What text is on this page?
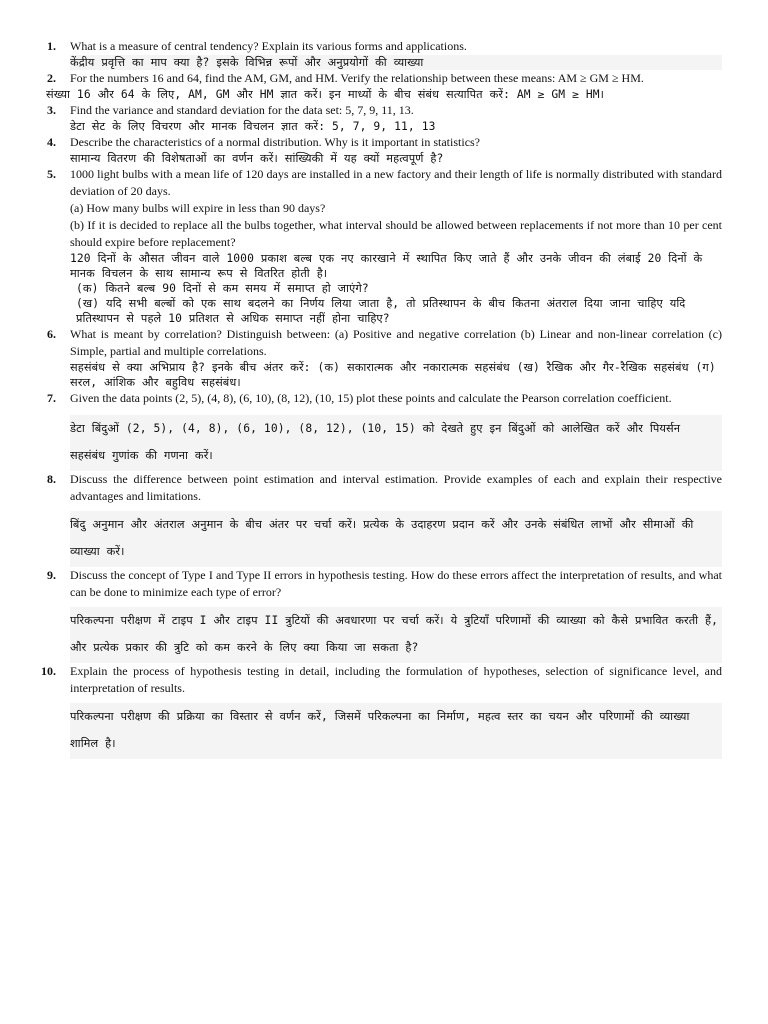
1. What is a measure of central tendency? Explain its various forms and applications.

केंद्रीय प्रवृत्ति का माप क्या है? इसके विभिन्न रूपों और अनुप्रयोगों की व्याख्या

2. For the numbers 16 and 64, find the AM, GM, and HM. Verify the relationship between these means: AM ≥ GM ≥ HM.

संख्या 16 और 64 के लिए, AM, GM और HM ज्ञात करें। इन माध्यों के बीच संबंध सत्यापित करें: AM ≥ GM ≥ HM।

3. Find the variance and standard deviation for the data set: 5, 7, 9, 11, 13.

डेटा सेट के लिए विचरण और मानक विचलन ज्ञात करें: 5, 7, 9, 11, 13

4. Describe the characteristics of a normal distribution. Why is it important in statistics?

सामान्य वितरण की विशेषताओं का वर्णन करें। सांख्यिकी में यह क्यों महत्वपूर्ण है?

5. 1000 light bulbs with a mean life of 120 days are installed in a new factory and their length of life is normally distributed with standard deviation of 20 days.

(a) How many bulbs will expire in less than 90 days?

(b) If it is decided to replace all the bulbs together, what interval should be allowed between replacements if not more than 10 per cent should expire before replacement?

120 दिनों के औसत जीवन वाले 1000 प्रकाश बल्ब एक नए कारखाने में स्थापित किए जाते हैं और उनके जीवन की लंबाई 20 दिनों के मानक विचलन के साथ सामान्य रूप से वितरित होती है।

(क) कितने बल्ब 90 दिनों से कम समय में समाप्त हो जाएंगे?

(ख) यदि सभी बल्बों को एक साथ बदलने का निर्णय लिया जाता है, तो प्रतिस्थापन के बीच कितना अंतराल दिया जाना चाहिए यदि प्रतिस्थापन से पहले 10 प्रतिशत से अधिक समाप्त नहीं होना चाहिए?

6. What is meant by correlation? Distinguish between: (a) Positive and negative correlation (b) Linear and non-linear correlation (c) Simple, partial and multiple correlations.

सहसंबंध से क्या अभिप्राय है? इनके बीच अंतर करें: (क) सकारात्मक और नकारात्मक सहसंबंध (ख) रैखिक और गैर-रैखिक सहसंबंध (ग) सरल, आंशिक और बहुविध सहसंबंध।

7. Given the data points (2, 5), (4, 8), (6, 10), (8, 12), (10, 15) plot these points and calculate the Pearson correlation coefficient.

डेटा बिंदुओं (2, 5), (4, 8), (6, 10), (8, 12), (10, 15) को देखते हुए इन बिंदुओं को आलेखित करें और पियर्सन सहसंबंध गुणांक की गणना करें।

8. Discuss the difference between point estimation and interval estimation. Provide examples of each and explain their respective advantages and limitations.

बिंदु अनुमान और अंतराल अनुमान के बीच अंतर पर चर्चा करें। प्रत्येक के उदाहरण प्रदान करें और उनके संबंधित लाभों और सीमाओं की व्याख्या करें।

9. Discuss the concept of Type I and Type II errors in hypothesis testing. How do these errors affect the interpretation of results, and what can be done to minimize each type of error?

परिकल्पना परीक्षण में टाइप I और टाइप II त्रुटियों की अवधारणा पर चर्चा करें। ये त्रुटियाँ परिणामों की व्याख्या को कैसे प्रभावित करती हैं, और प्रत्येक प्रकार की त्रुटि को कम करने के लिए क्या किया जा सकता है?

10. Explain the process of hypothesis testing in detail, including the formulation of hypotheses, selection of significance level, and interpretation of results.

परिकल्पना परीक्षण की प्रक्रिया का विस्तार से वर्णन करें, जिसमें परिकल्पना का निर्माण, महत्व स्तर का चयन और परिणामों की व्याख्या शामिल है।
